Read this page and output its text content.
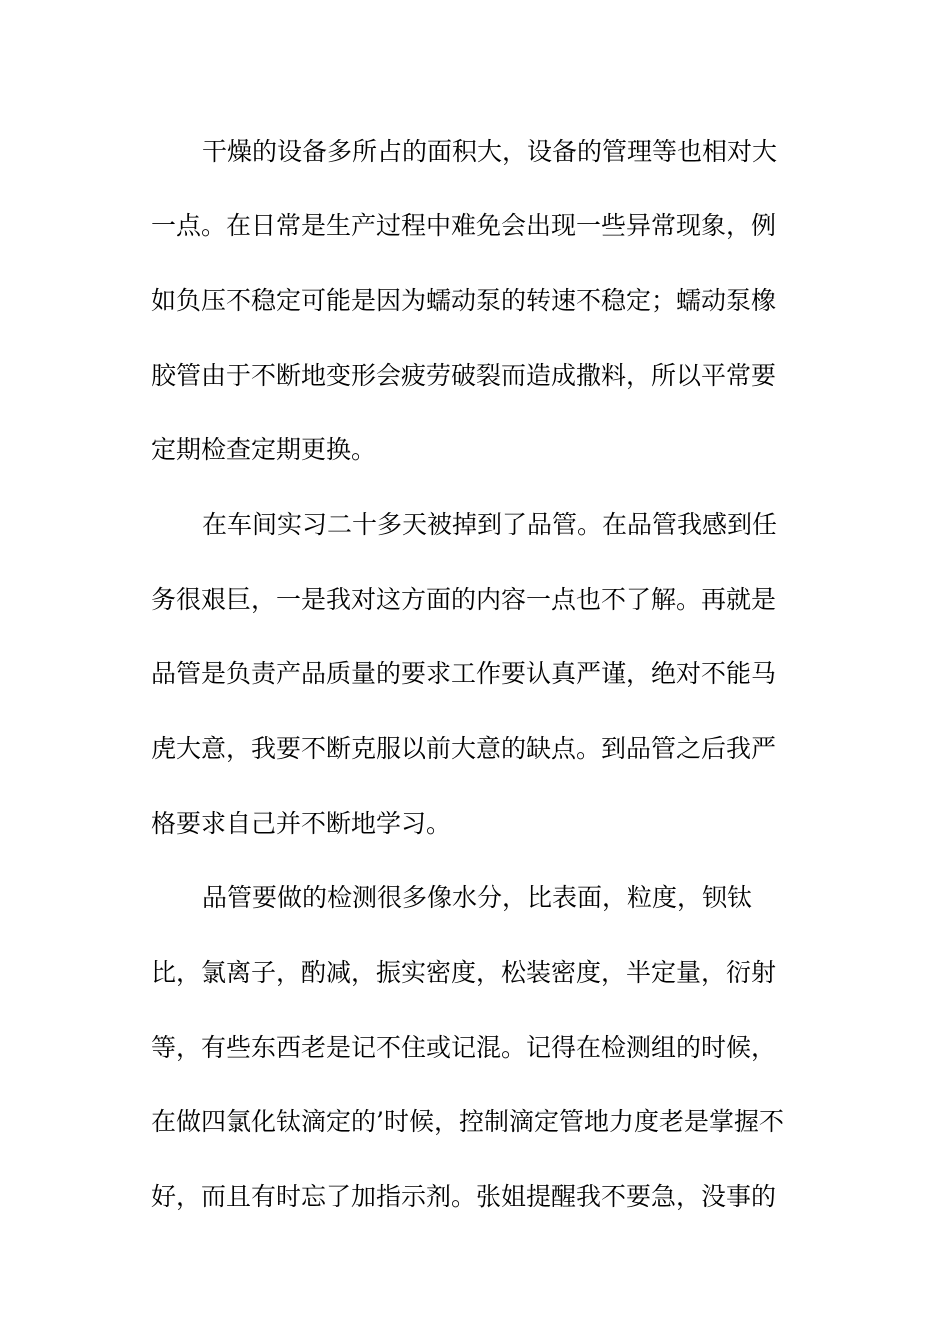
干燥的设备多所占的面积大，设备的管理等也相对大
一点。在日常是生产过程中难免会出现一些异常现象，例
如负压不稳定可能是因为蠕动泵的转速不稳定；蠕动泵橡
胶管由于不断地变形会疲劳破裂而造成撒料，所以平常要
定期检查定期更换。
在车间实习二十多天被掉到了品管。在品管我感到任
务很艰巨，一是我对这方面的内容一点也不了解。再就是
品管是负责产品质量的要求工作要认真严谨，绝对不能马
虎大意，我要不断克服以前大意的缺点。到品管之后我严
格要求自己并不断地学习。
品管要做的检测很多像水分，比表面，粒度，钡钛
比，氯离子，酌减，振实密度，松装密度，半定量，衍射
等，有些东西老是记不住或记混。记得在检测组的时候，
在做四氯化钛滴定的’时候，控制滴定管地力度老是掌握不
好，而且有时忘了加指示剂。张姐提醒我不要急，没事的
